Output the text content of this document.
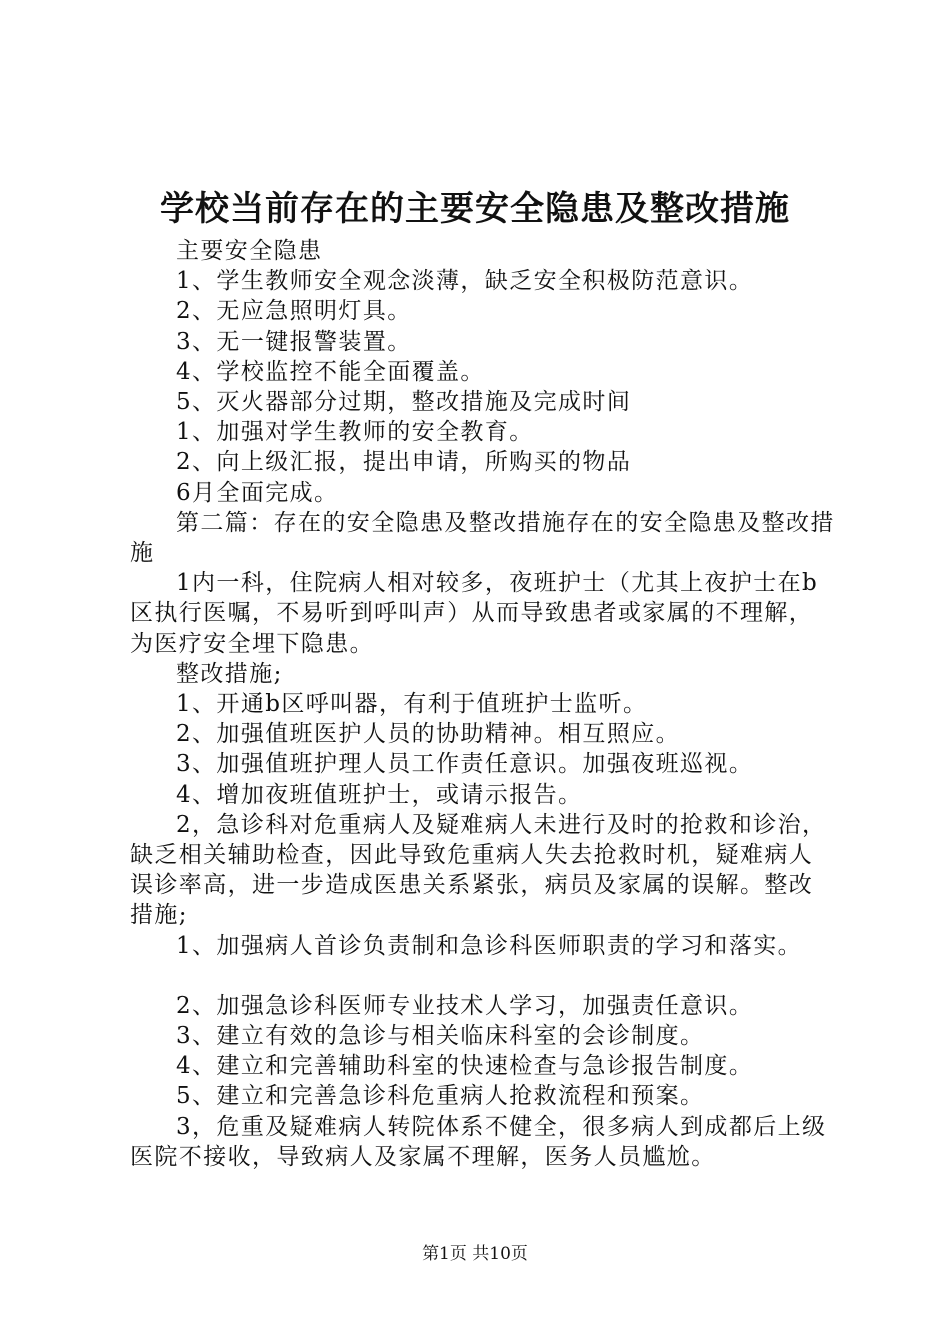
学校当前存在的主要安全隐患及整改措施

主要安全隐患

1、学生教师安全观念淡薄，缺乏安全积极防范意识。

2、无应急照明灯具。

3、无一键报警装置。

4、学校监控不能全面覆盖。

5、灭火器部分过期，整改措施及完成时间

1、加强对学生教师的安全教育。

2、向上级汇报，提出申请，所购买的物品

6月全面完成。

第二篇：存在的安全隐患及整改措施存在的安全隐患及整改措施

1内一科，住院病人相对较多，夜班护士（尤其上夜护士在b区执行医嘱，不易听到呼叫声）从而导致患者或家属的不理解，为医疗安全埋下隐患。

整改措施;

1、开通b区呼叫器，有利于值班护士监听。

2、加强值班医护人员的协助精神。相互照应。

3、加强值班护理人员工作责任意识。加强夜班巡视。

4、增加夜班值班护士，或请示报告。

2，急诊科对危重病人及疑难病人未进行及时的抢救和诊治，缺乏相关辅助检查，因此导致危重病人失去抢救时机，疑难病人误诊率高，进一步造成医患关系紧张，病员及家属的误解。整改措施;

1、加强病人首诊负责制和急诊科医师职责的学习和落实。

2、加强急诊科医师专业技术人学习，加强责任意识。

3、建立有效的急诊与相关临床科室的会诊制度。

4、建立和完善辅助科室的快速检查与急诊报告制度。

5、建立和完善急诊科危重病人抢救流程和预案。

3，危重及疑难病人转院体系不健全，很多病人到成都后上级医院不接收，导致病人及家属不理解，医务人员尴尬。

第1页 共10页
